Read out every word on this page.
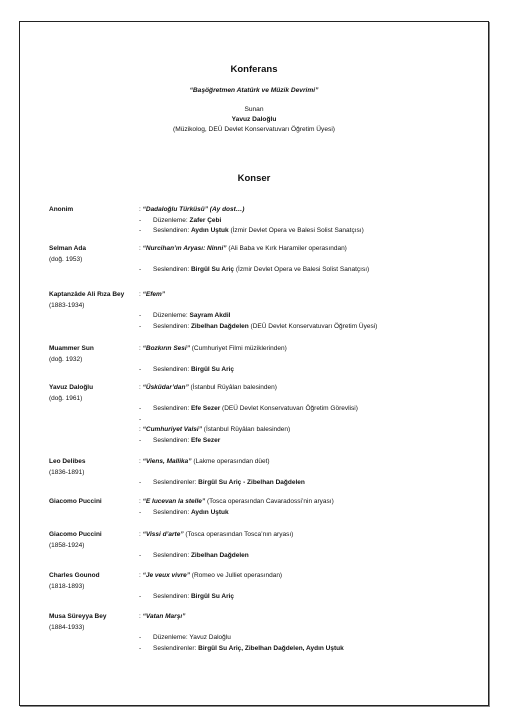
Konferans
“Başöğretmen Atatürk ve Müzik Devrimi”
Sunan
Yavuz Daloğlu
(Müzikolog, DEÜ Devlet Konservatuvarı Öğretim Üyesi)
Konser
Anonim	: “Dadaloğlu Türküsü” (Ay dost…)
- Düzenleme: Zafer Çebi
- Seslendiren: Aydın Uştuk (İzmir Devlet Opera ve Balesi Solist Sanatçısı)
Selman Ada
(doğ. 1953)
: “Nurcihan’ın Aryası: Ninni” (Ali Baba ve Kırk Haramiler operasından)
- Seslendiren: Birgül Su Ariç (İzmir Devlet Opera ve Balesi Solist Sanatçısı)
Kaptanzâde Ali Rıza Bey
(1883-1934)
: “Efem”
- Düzenleme: Sayram Akdil
- Seslendiren: Zibelhan Dağdelen (DEÜ Devlet Konservatuvarı Öğretim Üyesi)
Muammer Sun
(doğ. 1932)
: “Bozkırın Sesi” (Cumhuriyet Filmi müziklerinden)
- Seslendiren: Birgül Su Ariç
Yavuz Daloğlu
(doğ. 1961)
: “Üsküdar’dan” (İstanbul Rüyâları balesinden)
- Seslendiren: Efe Sezer (DEÜ Devlet Konservatuvarı Öğretim Görevlisi)
-
: “Cumhuriyet Valsi” (İstanbul Rüyâları balesinden)
- Seslendiren: Efe Sezer
Leo Delibes
(1836-1891)
: “Viens, Mallika” (Lakme operasından düet)
- Seslendirenler: Birgül Su Ariç - Zibelhan Dağdelen
Giacomo Puccini	: “E lucevan la stelle” (Tosca operasından Cavaradossi’nin aryası)
- Seslendiren: Aydın Uştuk
Giacomo Puccini
(1858-1924)
: “Vissi d’arte” (Tosca operasından Tosca’nın aryası)
- Seslendiren: Zibelhan Dağdelen
Charles Gounod
(1818-1893)
: “Je veux vivre” (Romeo ve Julliet operasından)
- Seslendiren: Birgül Su Ariç
Musa Süreyya Bey
(1884-1933)
: “Vatan Marşı”
- Düzenleme: Yavuz Daloğlu
- Seslendirenler: Birgül Su Ariç, Zibelhan Dağdelen, Aydın Uştuk
